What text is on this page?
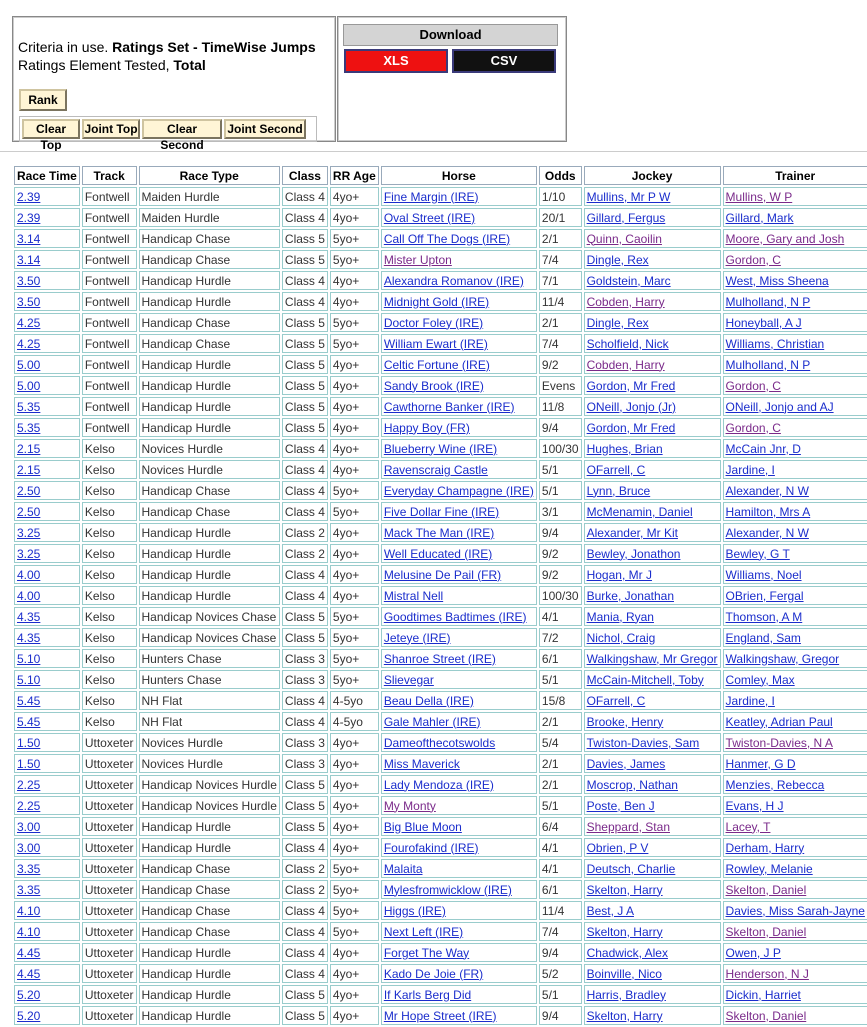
Criteria in use. Ratings Set - TimeWise Jumps
Ratings Element Tested, Total
Rank
Clear Top
Joint Top	Clear Second
Joint Second
Download
XLS	CSV
Race Time	Track	Race Type	Class	RR Age	Horse	Odds	Jockey	Trainer
2.39	Fontwell	Maiden Hurdle	Class 4	4yo+	Fine Margin (IRE)	1/10	Mullins, Mr P W	Mullins, W P
2.39	Fontwell	Maiden Hurdle	Class 4	4yo+	Oval Street (IRE)	20/1	Gillard, Fergus	Gillard, Mark
3.14	Fontwell	Handicap Chase	Class 5	5yo+	Call Off The Dogs (IRE)	2/1	Quinn, Caoilin	Moore, Gary and Josh
3.14	Fontwell	Handicap Chase	Class 5	5yo+	Mister Upton	7/4	Dingle, Rex	Gordon, C
3.50	Fontwell	Handicap Hurdle	Class 4	4yo+	Alexandra Romanov (IRE)	7/1	Goldstein, Marc	West, Miss Sheena
3.50	Fontwell	Handicap Hurdle	Class 4	4yo+	Midnight Gold (IRE)	11/4	Cobden, Harry	Mulholland, N P
4.25	Fontwell	Handicap Chase	Class 5	5yo+	Doctor Foley (IRE)	2/1	Dingle, Rex	Honeyball, A J
4.25	Fontwell	Handicap Chase	Class 5	5yo+	William Ewart (IRE)	7/4	Scholfield, Nick	Williams, Christian
5.00	Fontwell	Handicap Hurdle	Class 5	4yo+	Celtic Fortune (IRE)	9/2	Cobden, Harry	Mulholland, N P
5.00	Fontwell	Handicap Hurdle	Class 5	4yo+	Sandy Brook (IRE)	Evens	Gordon, Mr Fred	Gordon, C
5.35	Fontwell	Handicap Hurdle	Class 5	4yo+	Cawthorne Banker (IRE)	11/8	ONeill, Jonjo (Jr)	ONeill, Jonjo and AJ
5.35	Fontwell	Handicap Hurdle	Class 5	4yo+	Happy Boy (FR)	9/4	Gordon, Mr Fred	Gordon, C
2.15	Kelso	Novices Hurdle	Class 4	4yo+	Blueberry Wine (IRE)	100/30	Hughes, Brian	McCain Jnr, D
2.15	Kelso	Novices Hurdle	Class 4	4yo+	Ravenscraig Castle	5/1	OFarrell, C	Jardine, I
2.50	Kelso	Handicap Chase	Class 4	5yo+	Everyday Champagne (IRE)	5/1	Lynn, Bruce	Alexander, N W
2.50	Kelso	Handicap Chase	Class 4	5yo+	Five Dollar Fine (IRE)	3/1	McMenamin, Daniel	Hamilton, Mrs A
3.25	Kelso	Handicap Hurdle	Class 2	4yo+	Mack The Man (IRE)	9/4	Alexander, Mr Kit	Alexander, N W
3.25	Kelso	Handicap Hurdle	Class 2	4yo+	Well Educated (IRE)	9/2	Bewley, Jonathon	Bewley, G T
4.00	Kelso	Handicap Hurdle	Class 4	4yo+	Melusine De Pail (FR)	9/2	Hogan, Mr J	Williams, Noel
4.00	Kelso	Handicap Hurdle	Class 4	4yo+	Mistral Nell	100/30	Burke, Jonathan	OBrien, Fergal
4.35	Kelso	Handicap Novices Chase	Class 5	5yo+	Goodtimes Badtimes (IRE)	4/1	Mania, Ryan	Thomson, A M
4.35	Kelso	Handicap Novices Chase	Class 5	5yo+	Jeteye (IRE)	7/2	Nichol, Craig	England, Sam
5.10	Kelso	Hunters Chase	Class 3	5yo+	Shanroe Street (IRE)	6/1	Walkingshaw, Mr Gregor	Walkingshaw, Gregor
5.10	Kelso	Hunters Chase	Class 3	5yo+	Slievegar	5/1	McCain-Mitchell, Toby	Comley, Max
5.45	Kelso	NH Flat	Class 4	4-5yo	Beau Della (IRE)	15/8	OFarrell, C	Jardine, I
5.45	Kelso	NH Flat	Class 4	4-5yo	Gale Mahler (IRE)	2/1	Brooke, Henry	Keatley, Adrian Paul
1.50	Uttoxeter	Novices Hurdle	Class 3	4yo+	Dameofthecotswolds	5/4	Twiston-Davies, Sam	Twiston-Davies, N A
1.50	Uttoxeter	Novices Hurdle	Class 3	4yo+	Miss Maverick	2/1	Davies, James	Hanmer, G D
2.25	Uttoxeter	Handicap Novices Hurdle	Class 5	4yo+	Lady Mendoza (IRE)	2/1	Moscrop, Nathan	Menzies, Rebecca
2.25	Uttoxeter	Handicap Novices Hurdle	Class 5	4yo+	My Monty	5/1	Poste, Ben J	Evans, H J
3.00	Uttoxeter	Handicap Hurdle	Class 5	4yo+	Big Blue Moon	6/4	Sheppard, Stan	Lacey, T
3.00	Uttoxeter	Handicap Hurdle	Class 4	4yo+	Fourofakind (IRE)	4/1	Obrien, P V	Derham, Harry
3.35	Uttoxeter	Handicap Chase	Class 2	5yo+	Malaita	4/1	Deutsch, Charlie	Rowley, Melanie
3.35	Uttoxeter	Handicap Chase	Class 2	5yo+	Mylesfromwicklow (IRE)	6/1	Skelton, Harry	Skelton, Daniel
4.10	Uttoxeter	Handicap Chase	Class 4	5yo+	Higgs (IRE)	11/4	Best, J A	Davies, Miss Sarah-Jayne
4.10	Uttoxeter	Handicap Chase	Class 4	5yo+	Next Left (IRE)	7/4	Skelton, Harry	Skelton, Daniel
4.45	Uttoxeter	Handicap Hurdle	Class 4	4yo+	Forget The Way	9/4	Chadwick, Alex	Owen, J P
4.45	Uttoxeter	Handicap Hurdle	Class 4	4yo+	Kado De Joie (FR)	5/2	Boinville, Nico	Henderson, N J
5.20	Uttoxeter	Handicap Hurdle	Class 5	4yo+	If Karls Berg Did	5/1	Harris, Bradley	Dickin, Harriet
5.20	Uttoxeter	Handicap Hurdle	Class 5	4yo+	Mr Hope Street (IRE)	9/4	Skelton, Harry	Skelton, Daniel
